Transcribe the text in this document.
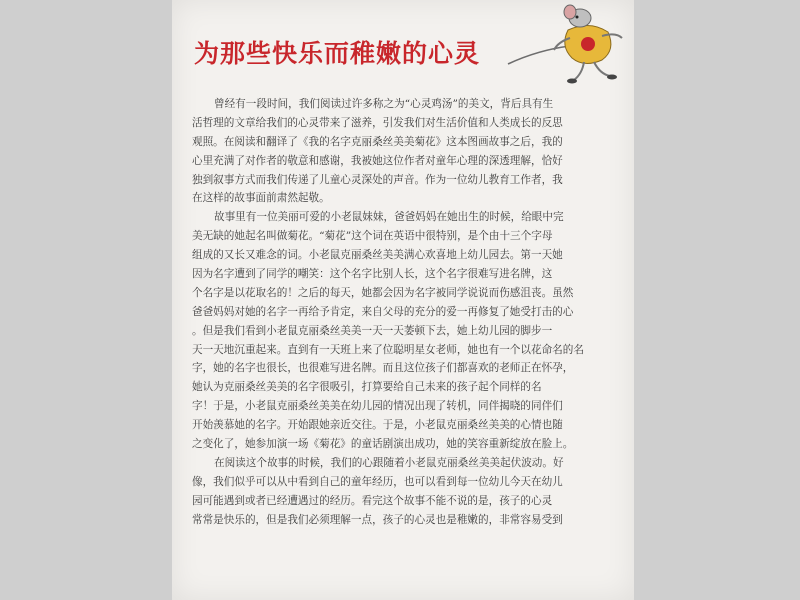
为那些快乐而稚嫩的心灵
曾经有一段时间，我们阅读过许多称之为“心灵鸡汤”的美文，背后具有生
活哲理的文章给我们的心灵带来了滋养，引发我们对生活价值和人类成长的反思
观照。在阅读和翻译了《我的名字克丽桑丝美美菊花》这本图画故事之后，我的
心里充满了对作者的敬意和感谢，我被她这位作者对童年心理的深透理解，恰好
独到叙事方式而我们传递了儿童心灵深处的声音。作为一位幼儿教育工作者，我
在这样的故事面前肃然起敬。
故事里有一位美丽可爱的小老鼠妹妹，爸爸妈妈在她出生的时候，给眼中完
美无缺的她起名叫做菊花。“菊花”这个词在英语中很特别，是个由十三个字母
组成的又长又难念的词。小老鼠克丽桑丝美美满心欢喜地上幼儿园去。第一天她
因为名字遭到了同学的嘲笑：这个名字比别人长，这个名字很难写进名牌，这
个名字是以花取名的！之后的每天，她都会因为名字被同学说说而伤感沮丧。虽然
爸爸妈妈对她的名字一再给予肯定，来自父母的充分的爱一再修复了她受打击的心
。但是我们看到小老鼠克丽桑丝美美一天一天萎顿下去，她上幼儿园的脚步一
天一天地沉重起来。直到有一天班上来了位聪明星女老师，她也有一个以花命名的名
字，她的名字也很长，也很难写进名牌。而且这位孩子们都喜欢的老师正在怀孕，
她认为克丽桑丝美美的名字很吸引，打算要给自己未来的孩子起个同样的名
字！于是，小老鼠克丽桑丝美美在幼儿园的情况出现了转机，同伴揭晓的同伴们
开始羡慕她的名字。开始跟她亲近交往。于是，小老鼠克丽桑丝美美的心情也随
之变化了，她参加演一场《菊花》的童话剧演出成功，她的笑容重新绽放在脸上。
在阅读这个故事的时候，我们的心跟随着小老鼠克丽桑丝美美起伏波动。好
像，我们似乎可以从中看到自己的童年经历，也可以看到每一位幼儿今天在幼儿
园可能遇到或者已经遭遇过的经历。看完这个故事不能不说的是，孩子的心灵
常常是快乐的，但是我们必须理解一点，孩子的心灵也是稚嫩的，非常容易受到
